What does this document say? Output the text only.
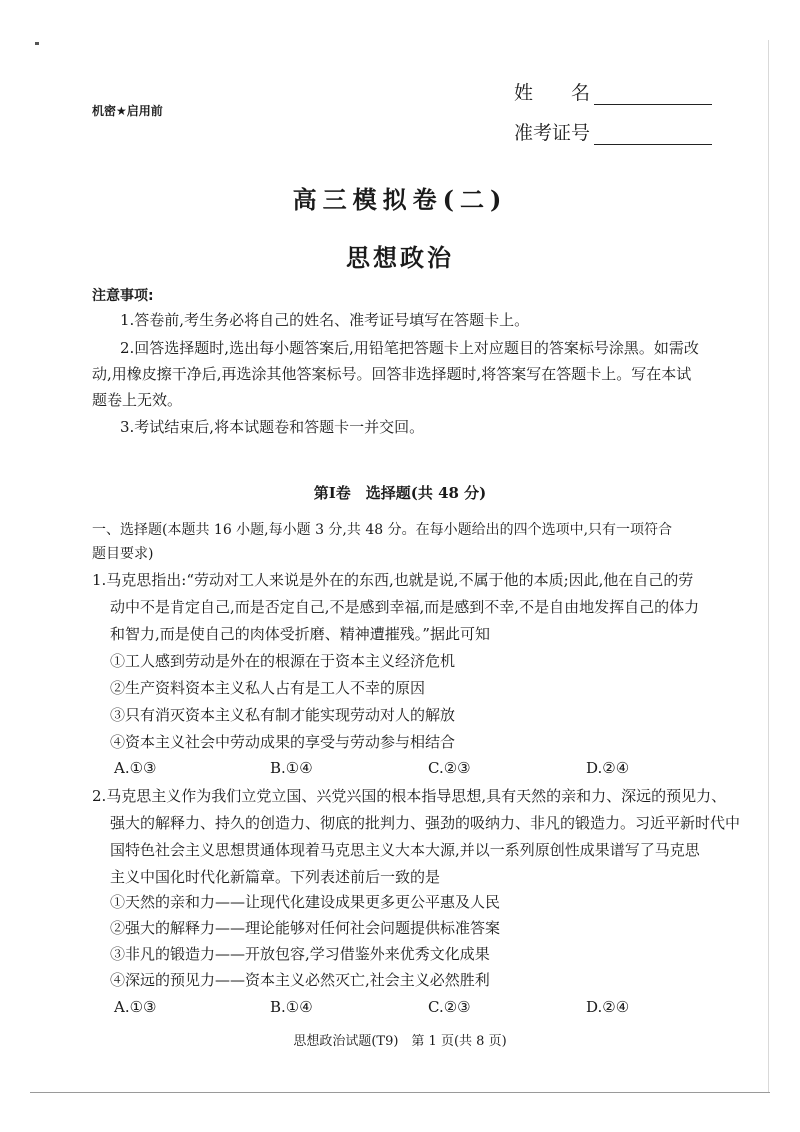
机密★启用前
姓　　名
准考证号
高三模拟卷(二)
思想政治
注意事项:
1.答卷前,考生务必将自己的姓名、准考证号填写在答题卡上。
2.回答选择题时,选出每小题答案后,用铅笔把答题卡上对应题目的答案标号涂黑。如需改
动,用橡皮擦干净后,再选涂其他答案标号。回答非选择题时,将答案写在答题卡上。写在本试
题卷上无效。
3.考试结束后,将本试题卷和答题卡一并交回。
第Ⅰ卷　选择题(共 48 分)
一、选择题(本题共 16 小题,每小题 3 分,共 48 分。在每小题给出的四个选项中,只有一项符合
题目要求)
1.马克思指出:“劳动对工人来说是外在的东西,也就是说,不属于他的本质;因此,他在自己的劳
动中不是肯定自己,而是否定自己,不是感到幸福,而是感到不幸,不是自由地发挥自己的体力
和智力,而是使自己的肉体受折磨、精神遭摧残。”据此可知
①工人感到劳动是外在的根源在于资本主义经济危机
②生产资料资本主义私人占有是工人不幸的原因
③只有消灭资本主义私有制才能实现劳动对人的解放
④资本主义社会中劳动成果的享受与劳动参与相结合
A.①③	B.①④	C.②③	D.②④
2.马克思主义作为我们立党立国、兴党兴国的根本指导思想,具有天然的亲和力、深远的预见力、
强大的解释力、持久的创造力、彻底的批判力、强劲的吸纳力、非凡的锻造力。习近平新时代中
国特色社会主义思想贯通体现着马克思主义大本大源,并以一系列原创性成果谱写了马克思
主义中国化时代化新篇章。下列表述前后一致的是
①天然的亲和力——让现代化建设成果更多更公平惠及人民
②强大的解释力——理论能够对任何社会问题提供标准答案
③非凡的锻造力——开放包容,学习借鉴外来优秀文化成果
④深远的预见力——资本主义必然灭亡,社会主义必然胜利
A.①③	B.①④	C.②③	D.②④
思想政治试题(T9)　第 1 页(共 8 页)
